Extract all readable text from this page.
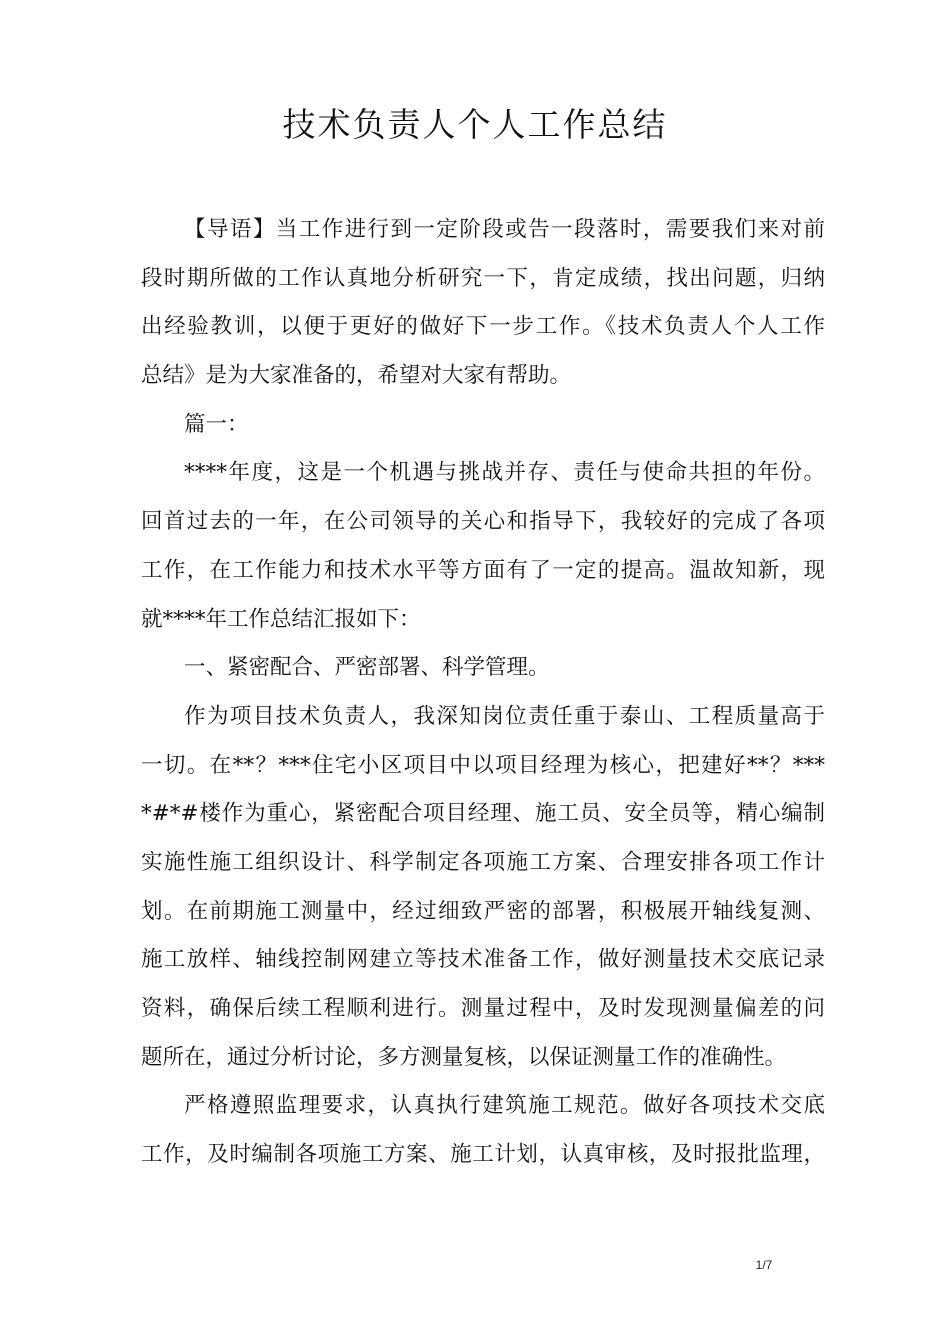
技术负责人个人工作总结
【导语】当工作进行到一定阶段或告一段落时，需要我们来对前
段时期所做的工作认真地分析研究一下，肯定成绩，找出问题，归纳
出经验教训，以便于更好的做好下一步工作。《技术负责人个人工作
总结》是为大家准备的，希望对大家有帮助。
篇一：
****年度，这是一个机遇与挑战并存、责任与使命共担的年份。
回首过去的一年，在公司领导的关心和指导下，我较好的完成了各项
工作，在工作能力和技术水平等方面有了一定的提高。温故知新，现
就****年工作总结汇报如下：
一、紧密配合、严密部署、科学管理。
作为项目技术负责人，我深知岗位责任重于泰山、工程质量高于
一切。在**？***住宅小区项目中以项目经理为核心，把建好**？***
*#*#楼作为重心，紧密配合项目经理、施工员、安全员等，精心编制
实施性施工组织设计、科学制定各项施工方案、合理安排各项工作计
划。在前期施工测量中，经过细致严密的部署，积极展开轴线复测、
施工放样、轴线控制网建立等技术准备工作，做好测量技术交底记录
资料，确保后续工程顺利进行。测量过程中，及时发现测量偏差的问
题所在，通过分析讨论，多方测量复核，以保证测量工作的准确性。
严格遵照监理要求，认真执行建筑施工规范。做好各项技术交底
工作，及时编制各项施工方案、施工计划，认真审核，及时报批监理，
1/7
